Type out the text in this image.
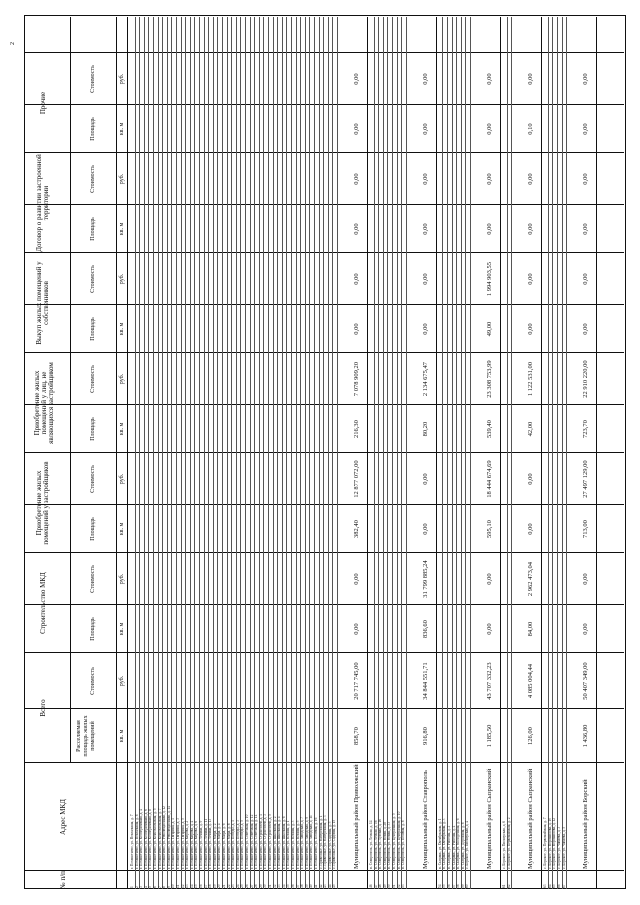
2
№ п/п
Адрес МКД
Всего
Расселяемая площадь жилых помещений
Строительство МКД
Приобретение жилых помещений у застройщиков
Приобретение жилых помещений у лиц, не являющихся застройщиком
Выкуп жилых помещений у собственников
Договор о развитии застроенной территории
Прочие
Стоимость
Площадь
Стоимость
Площадь
Стоимость
Площадь
Стоимость
Площадь
Стоимость
Площадь
Стоимость
Площадь
Стоимость
кв. м
руб.
кв. м
руб.
кв. м
руб.
кв. м
руб.
кв. м
руб.
кв. м
руб.
кв. м
руб.
1
г. Похвистнево, ул. Вокзальная, д. 7
2
г. Похвистнево, ул. Вокзальная, д. 8
3
г. Похвистнево, ул. Кооперативная, д. 4
4
г. Похвистнево, ул. Кооперативная, д. 6
5
г. Похвистнево, ул. Кооперативная, д. 8
6
г. Похвистнево, ул. Комсомольская, д. 5
7
г. Похвистнево, ул. Комсомольская, д. 7
8
г. Похвистнево, ул. Революционная, д. 12
9
г. Похвистнево, ул. Революционная, д. 14
10
г. Похвистнево, ул. Гагарина, д. 1
11
г. Похвистнево, ул. Гагарина, д. 3
12
г. Похвистнево, ул. Гагарина, д. 5
13
г. Похвистнево, ул. Кирова, д. 2
14
г. Похвистнево, ул. Кирова, д. 4
15
г. Похвистнево, ул. Кирова, д. 6
16
г. Похвистнево, ул. Ленина, д. 9
17
г. Похвистнево, ул. Ленина, д. 11
18
г. Похвистнево, ул. Ленина, д. 13
19
г. Похвистнево, ул. Мира, д. 2
20
г. Похвистнево, ул. Мира, д. 4
21
г. Похвистнево, ул. Мира, д. 6
22
г. Похвистнево, ул. Мира, д. 8
23
г. Похвистнево, ул. Победы, д. 1
24
г. Похвистнево, ул. Победы, д. 3
25
г. Похвистнево, ул. Победы, д. 5
26
г. Похвистнево, ул. Советская, д. 10
27
г. Похвистнево, ул. Советская, д. 12
28
г. Похвистнево, ул. Советская, д. 14
29
г. Похвистнево, ул. Строителей, д. 1
30
г. Похвистнево, ул. Строителей, д. 3
31
г. Похвистнево, ул. Строителей, д. 5
32
г. Похвистнево, ул. Школьная, д. 2
33
г. Похвистнево, ул. Школьная, д. 4
34
г. Похвистнево, ул. Школьная, д. 6
35
г. Похвистнево, ул. Южная, д. 1
36
г. Похвистнево, ул. Южная, д. 3
37
г. Похвистнево, ул. Южная, д. 5
38
г. Похвистнево, ул. Заводская, д. 7
39
г. Похвистнево, ул. Заводская, д. 9
40
г. Похвистнево, ул. Заводская, д. 11
41
г. Похвистнево, ул. Полевая, д. 16
42
с. Приволжье, ул. Набережная, д. 1
43
с. Приволжье, ул. Набережная, д. 3
44
с. Приволжье, ул. Садовая, д. 5
45
с. Приволжье, ул. Садовая, д. 15
46
п. Ставрополь, ул. Лесная, д. 14
47
п. Ставрополь, ул. Лесная, д. 16
48
п. Ставрополь, ул. Луговая, д. 16
49
п. Ставрополь, ул. Новая, д. 28
50
п. Ставрополь, ул. Новая, д. 33
51
п. Ставрополь, ул. Центральная, д. 5
52
п. Ставрополь, ул. Центральная, д. 10
53
п. Ставрополь, ул. Полевая, д. 8
54
п. Сызрань, ул. Октябрьская, д. 1
55
п. Сызрань, ул. Октябрьская, д. 3
56
п. Сызрань, ул. Рабочая, д. 2
57
п. Сызрань, ул. Рабочая, д. 4
58
п. Сызрань, ул. Молодёжная, д. 6
59
п. Сызрань, ул. Дорожная, д. 8
60
с. Борское, ул. Пионерская, д. 4
61
с. Борское, ул. Пионерская, д. 6
62
с. Борское, ул. Первомайская, д. 2
63
с. Борское, ул. Первомайская, д. 7
64
с. Борское, ул. Ворошилова, д. 10
65
с. Борское, ул. Ворошилова, д. 12
66
с. Борское, ул. Чапаева, д. 3
67
с. Борское, ул. Чапаева, д. 5
Муниципальный район Приволжский
858,70
20 717 745,00
0,00
0,00
382,40
12 877 072,00
216,30
7 078 909,20
0,00
0,00
0,00
0,00
0,00
0,00
Муниципальный район Ставрополь
916,80
34 844 551,71
836,60
31 799 885,24
0,00
0,00
80,20
2 134 675,47
0,00
0,00
0,00
0,00
0,00
0,00
Муниципальный район Сызранский
1 185,50
43 707 332,23
0,00
0,00
595,10
18 444 674,69
539,40
23 308 753,99
49,00
1 994 903,55
0,00
0,00
0,00
0,00
Муниципальный район Сызранский
126,00
4 085 004,44
84,00
2 962 473,04
0,00
0,00
42,00
1 122 531,00
0,00
0,00
0,00
0,00
0,10
0,00
Муниципальный район Борский
1 436,80
50 407 349,00
0,00
0,00
713,00
27 497 129,00
723,70
22 910 220,00
0,00
0,00
0,00
0,00
0,00
0,00
